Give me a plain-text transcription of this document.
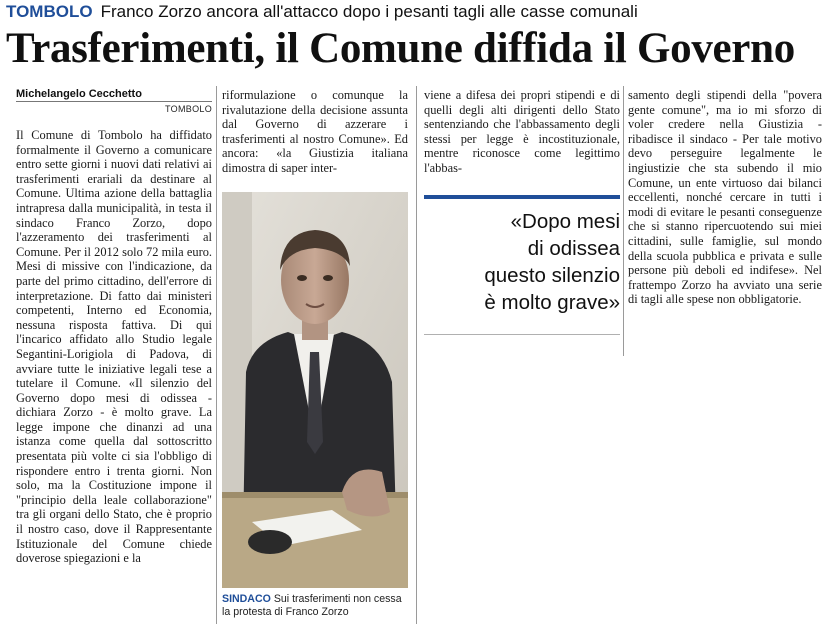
TOMBOLO Franco Zorzo ancora all'attacco dopo i pesanti tagli alle casse comunali
Trasferimenti, il Comune diffida il Governo
Michelangelo Cecchetto
TOMBOLO

Il Comune di Tombolo ha diffidato formalmente il Governo a comunicare entro sette giorni i nuovi dati relativi ai trasferimenti erariali da destinare al Comune. Ultima azione della battaglia intrapresa dalla municipalità, in testa il sindaco Franco Zorzo, dopo l'azzeramento dei trasferimenti al Comune. Per il 2012 solo 72 mila euro. Mesi di missive con l'indicazione, da parte del primo cittadino, dell'errore di interpretazione. Di fatto dai ministeri competenti, Interno ed Economia, nessuna risposta fattiva. Di qui l'incarico affidato allo Studio legale Segantini-Lorigiola di Padova, di avviare tutte le iniziative legali tese a tutelare il Comune. «Il silenzio del Governo dopo mesi di odissea - dichiara Zorzo - è molto grave. La legge impone che dinanzi ad una istanza come quella dal sottoscritto presentata più volte ci sia l'obbligo di rispondere entro i trenta giorni. Non solo, ma la Costituzione impone il "principio della leale collaborazione" tra gli organi dello Stato, che è proprio il nostro caso, dove il Rappresentante Istituzionale del Comune chiede doverose spiegazioni e la

riformulazione o comunque la rivalutazione della decisione assunta dal Governo di azzerare i trasferimenti al nostro Comune». Ed ancora: «la Giustizia italiana dimostra di saper inter-

SINDACO Sui trasferimenti non cessa la protesta di Franco Zorzo

viene a difesa dei propri stipendi e di quelli degli alti dirigenti dello Stato sentenziando che l'abbassamento degli stessi per legge è incostituzionale, mentre riconosce come legittimo l'abbas-

«Dopo mesi
di odissea
questo silenzio
è molto grave»

samento degli stipendi della "povera gente comune", ma io mi sforzo di voler credere nella Giustizia - ribadisce il sindaco - Per tale motivo devo perseguire legalmente le ingiustizie che sta subendo il mio Comune, un ente virtuoso dai bilanci eccellenti, nonché cercare in tutti i modi di evitare le pesanti conseguenze che si stanno ripercuotendo sui miei cittadini, sulle famiglie, sul mondo della scuola pubblica e privata e sulle persone più deboli ed indifese». Nel frattempo Zorzo ha avviato una serie di tagli alle spese non obbligatorie.
